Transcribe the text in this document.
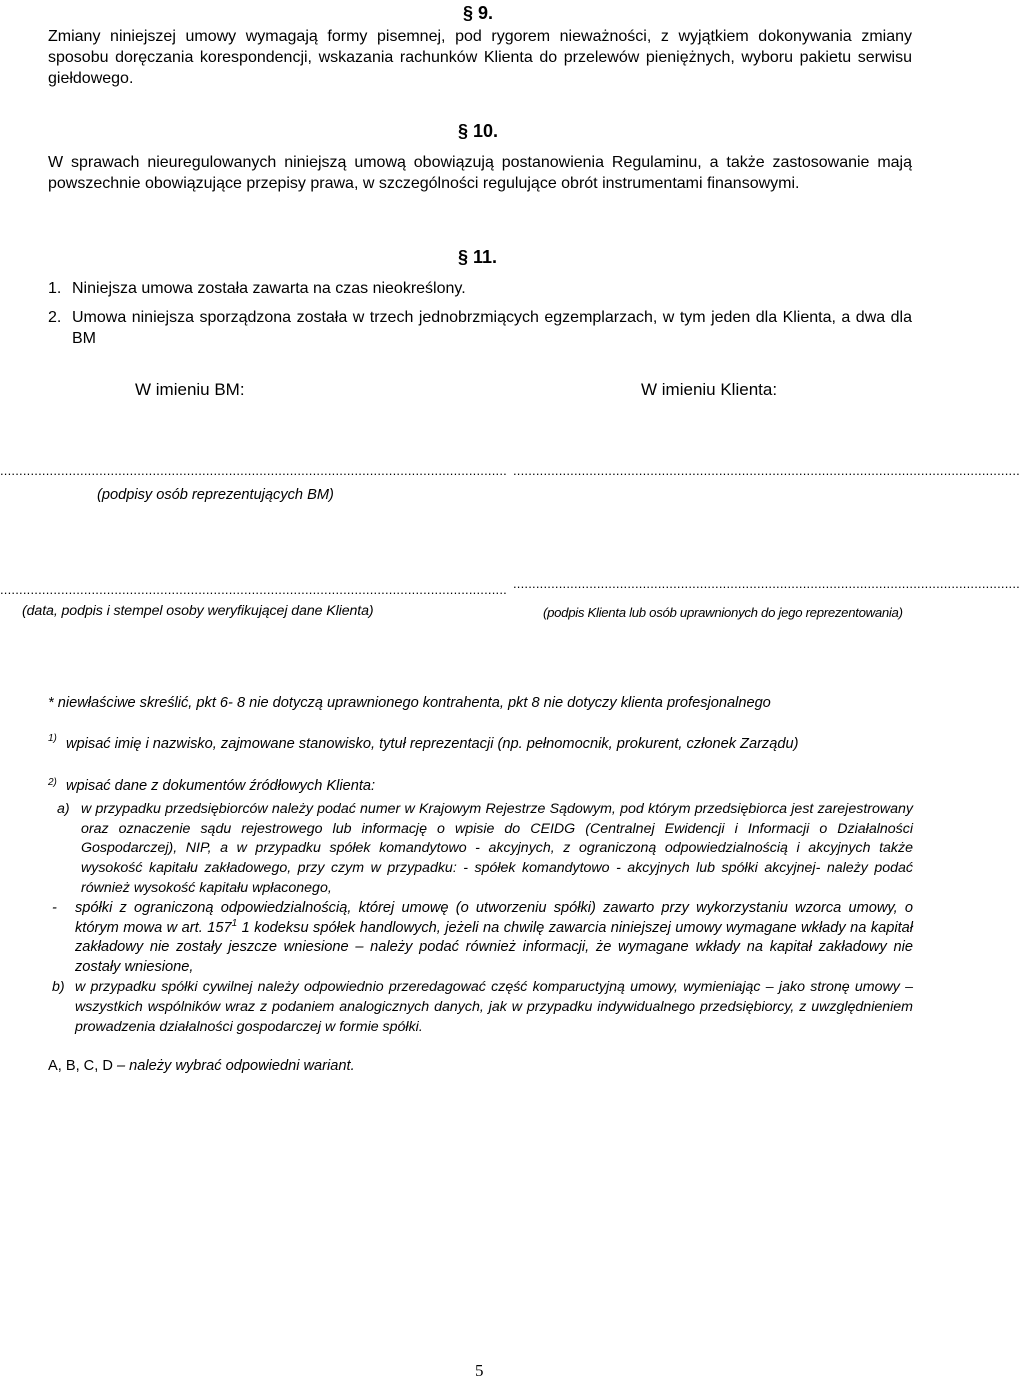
§ 9.
Zmiany niniejszej umowy wymagają formy pisemnej, pod rygorem nieważności, z wyjątkiem dokonywania zmiany sposobu doręczania korespondencji, wskazania rachunków Klienta do przelewów pieniężnych, wyboru pakietu serwisu giełdowego.
§ 10.
W sprawach nieuregulowanych niniejszą umową obowiązują postanowienia Regulaminu, a także zastosowanie mają powszechnie obowiązujące przepisy prawa, w szczególności regulujące obrót instrumentami finansowymi.
§ 11.
1. Niniejsza umowa została zawarta na czas nieokreślony.
2. Umowa niniejsza sporządzona została w trzech jednobrzmiących egzemplarzach, w tym jeden dla Klienta, a dwa dla BM
W imieniu BM:	W imieniu Klienta:
..................................................................................................................................... .....................................................................................................................................
(podpisy osób reprezentujących BM)
..................................................................................................................................... .....................................................................................................................................
(data, podpis i stempel osoby weryfikującej dane Klienta)	(podpis Klienta lub osób uprawnionych do jego reprezentowania)
* niewłaściwe skreślić, pkt 6- 8 nie dotyczą uprawnionego kontrahenta, pkt 8 nie dotyczy klienta profesjonalnego
1) wpisać imię i nazwisko, zajmowane stanowisko, tytuł reprezentacji (np. pełnomocnik, prokurent, członek Zarządu)
2) wpisać dane z dokumentów źródłowych Klienta:
a) w przypadku przedsiębiorców należy podać numer w Krajowym Rejestrze Sądowym, pod którym przedsiębiorca jest zarejestrowany oraz oznaczenie sądu rejestrowego lub informację o wpisie do CEIDG (Centralnej Ewidencji i Informacji o Działalności Gospodarczej), NIP, a w przypadku spółek komandytowo - akcyjnych, z ograniczoną odpowiedzialnością i akcyjnych także wysokość kapitału zakładowego, przy czym w przypadku: - spółek komandytowo - akcyjnych lub spółki akcyjnej- należy podać również wysokość kapitału wpłaconego,
- spółki z ograniczoną odpowiedzialnością, której umowę (o utworzeniu spółki) zawarto przy wykorzystaniu wzorca umowy, o którym mowa w art. $157^1$ 1 kodeksu spółek handlowych, jeżeli na chwilę zawarcia niniejszej umowy wymagane wkłady na kapitał zakładowy nie zostały jeszcze wniesione – należy podać również informacji, że wymagane wkłady na kapitał zakładowy nie zostały wniesione,
b) w przypadku spółki cywilnej należy odpowiednio przeredagować część kompaructyjną umowy, wymieniając – jako stronę umowy – wszystkich wspólników wraz z podaniem analogicznych danych, jak w przypadku indywidualnego przedsiębiorcy, z uwzględnieniem prowadzenia działalności gospodarczej w formie spółki.
A, B, C, D – należy wybrać odpowiedni wariant.
5
